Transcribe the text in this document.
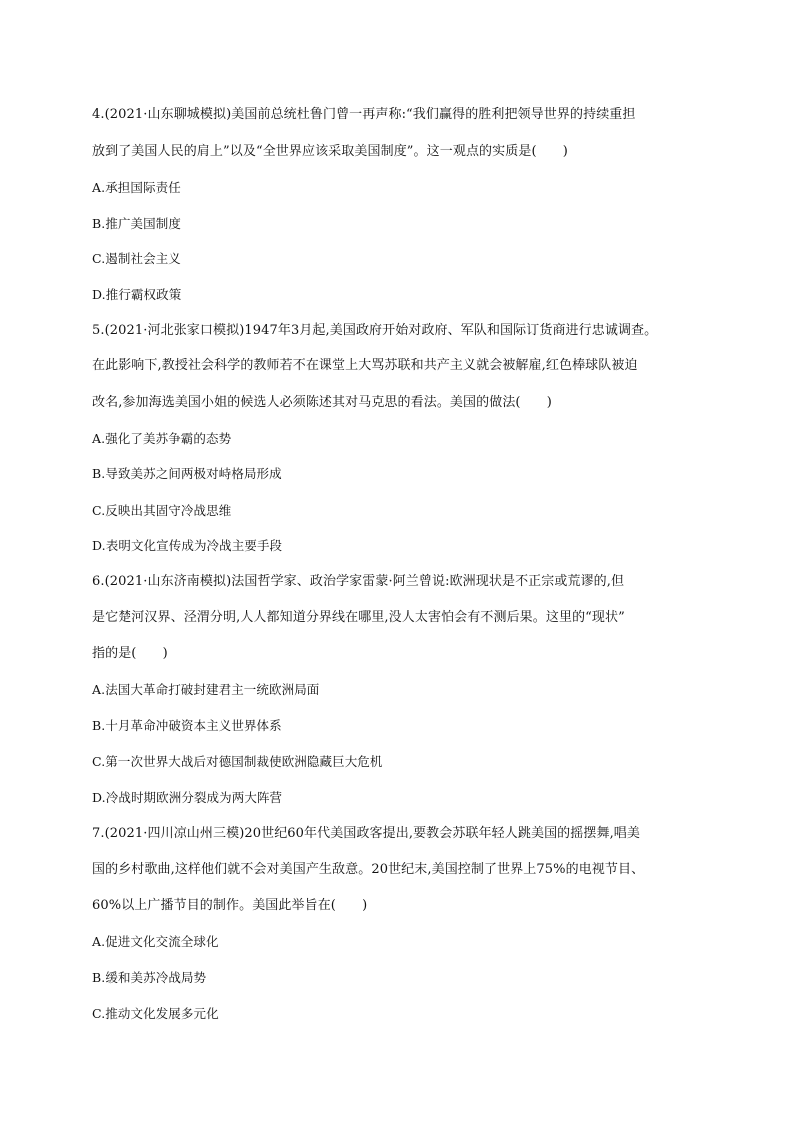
4.(2021·山东聊城模拟)美国前总统杜鲁门曾一再声称:“我们赢得的胜利把领导世界的持续重担
放到了美国人民的肩上”以及“全世界应该采取美国制度”。这一观点的实质是(　　)
A.承担国际责任
B.推广美国制度
C.遏制社会主义
D.推行霸权政策
5.(2021·河北张家口模拟)1947年3月起,美国政府开始对政府、军队和国际订货商进行忠诚调查。
在此影响下,教授社会科学的教师若不在课堂上大骂苏联和共产主义就会被解雇,红色棒球队被迫
改名,参加海选美国小姐的候选人必须陈述其对马克思的看法。美国的做法(　　)
A.强化了美苏争霸的态势
B.导致美苏之间两极对峙格局形成
C.反映出其固守冷战思维
D.表明文化宣传成为冷战主要手段
6.(2021·山东济南模拟)法国哲学家、政治学家雷蒙·阿兰曾说:欧洲现状是不正宗或荒谬的,但
是它楚河汉界、泾渭分明,人人都知道分界线在哪里,没人太害怕会有不测后果。这里的“现状”
指的是(　　)
A.法国大革命打破封建君主一统欧洲局面
B.十月革命冲破资本主义世界体系
C.第一次世界大战后对德国制裁使欧洲隐藏巨大危机
D.冷战时期欧洲分裂成为两大阵营
7.(2021·四川凉山州三模)20世纪60年代美国政客提出,要教会苏联年轻人跳美国的摇摆舞,唱美
国的乡村歌曲,这样他们就不会对美国产生敌意。20世纪末,美国控制了世界上75%的电视节目、
60%以上广播节目的制作。美国此举旨在(　　)
A.促进文化交流全球化
B.缓和美苏冷战局势
C.推动文化发展多元化
